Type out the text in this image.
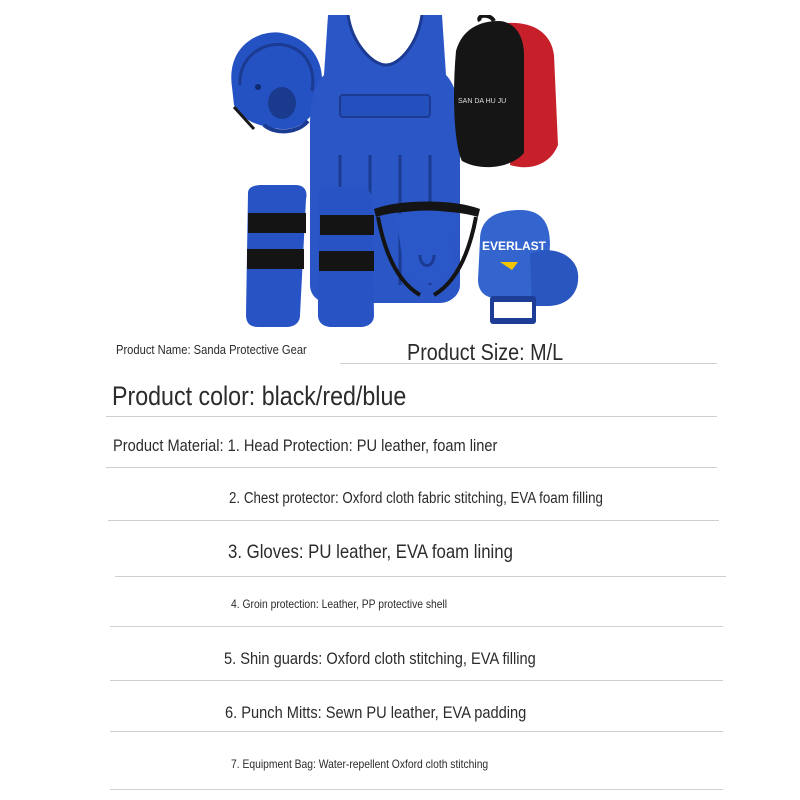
SAN DA HU JU
EVERLAST
Product Name: Sanda Protective Gear	Product Size: M/L
Product color: black/red/blue
Product Material: 1. Head Protection: PU leather, foam liner
2. Chest protector: Oxford cloth fabric stitching, EVA foam filling
3. Gloves: PU leather, EVA foam lining
4. Groin protection: Leather, PP protective shell
5. Shin guards: Oxford cloth stitching, EVA filling
6. Punch Mitts: Sewn PU leather, EVA padding
7. Equipment Bag: Water-repellent Oxford cloth stitching
